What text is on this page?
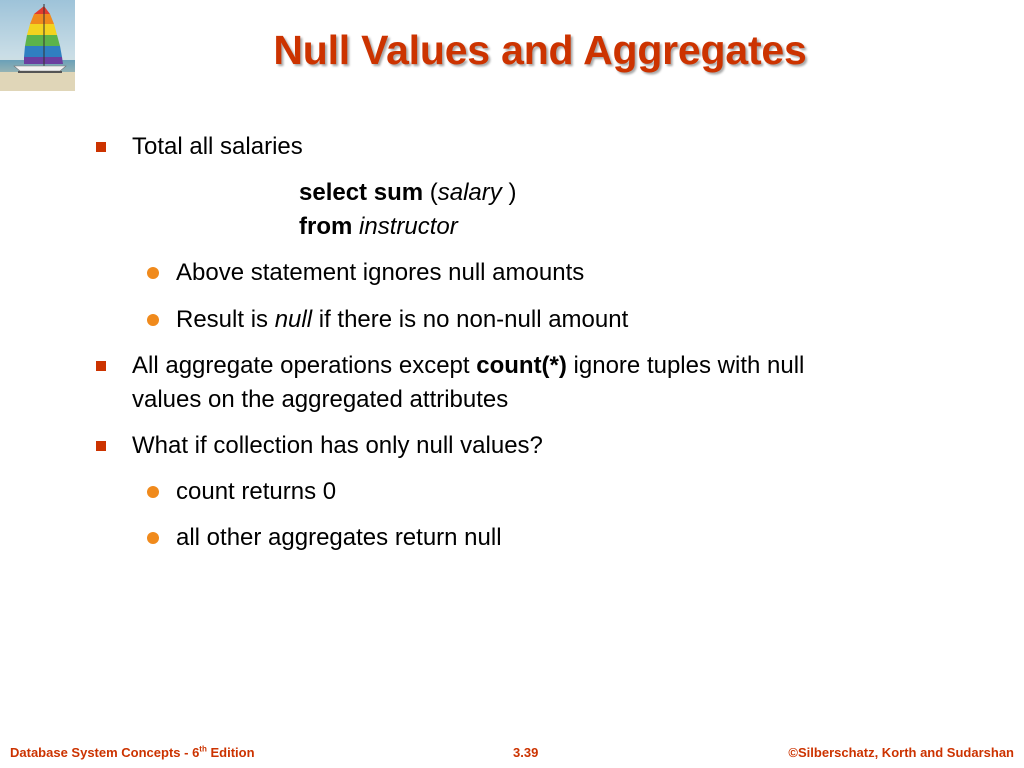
Null Values and Aggregates
Total all salaries
select sum (salary )
from instructor
Above statement ignores null amounts
Result is null if there is no non-null amount
All aggregate operations except count(*) ignore tuples with null
values on the aggregated attributes
What if collection has only null values?
count returns 0
all other aggregates return null
Database System Concepts - 6th Edition	3.39	©Silberschatz, Korth and Sudarshan
